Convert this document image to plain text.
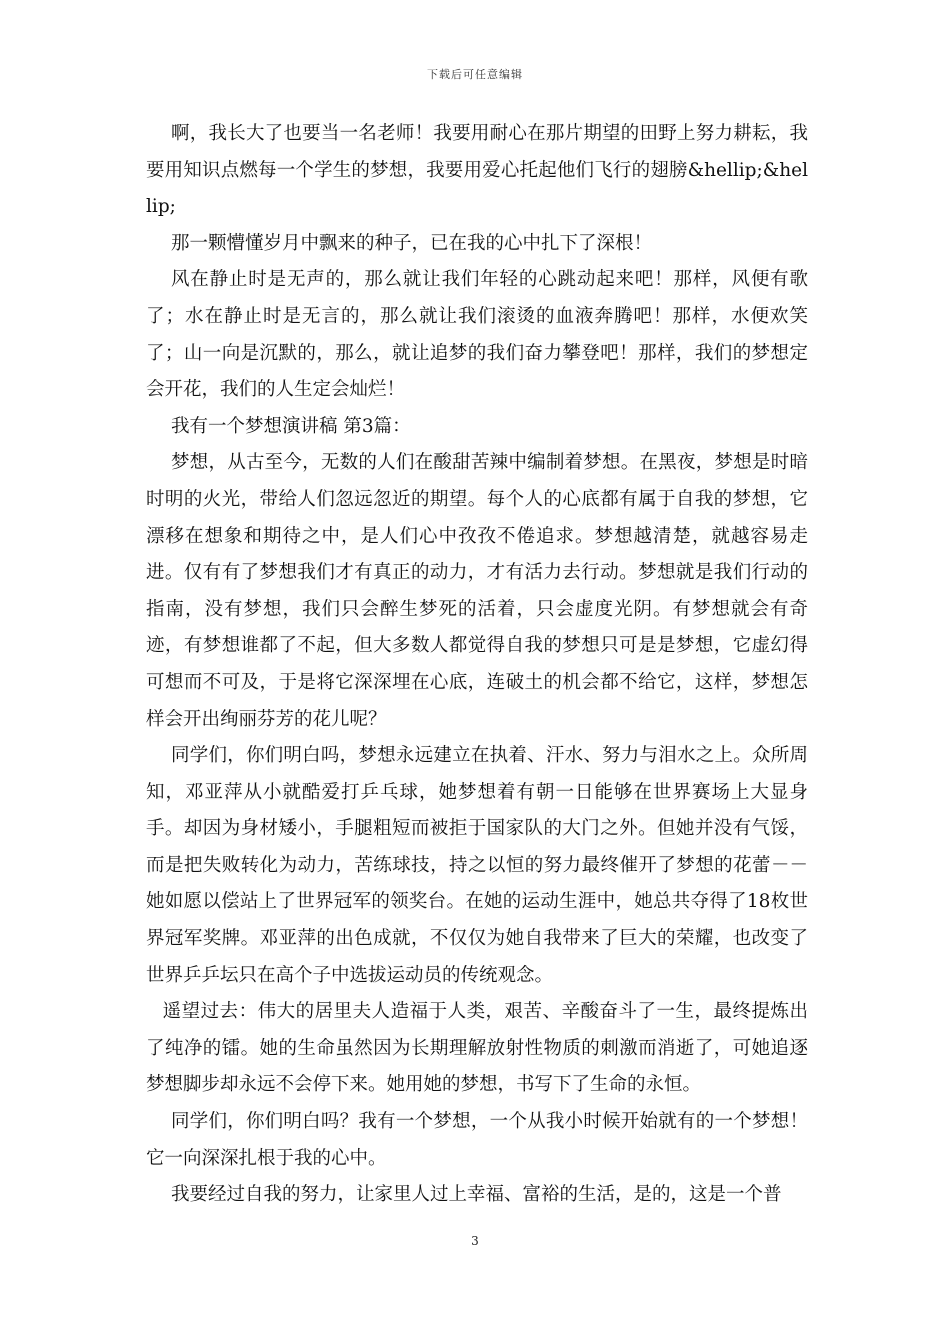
下载后可任意编辑

啊，我长大了也要当一名老师！我要用耐心在那片期望的田野上努力耕耘，我要用知识点燃每一个学生的梦想，我要用爱心托起他们飞行的翅膀&hellip;&hellip;

那一颗懵懂岁月中飘来的种子，已在我的心中扎下了深根！

风在静止时是无声的，那么就让我们年轻的心跳动起来吧！那样，风便有歌了；水在静止时是无言的，那么就让我们滚烫的血液奔腾吧！那样，水便欢笑了；山一向是沉默的，那么，就让追梦的我们奋力攀登吧！那样，我们的梦想定会开花，我们的人生定会灿烂！

我有一个梦想演讲稿 第3篇：

梦想，从古至今，无数的人们在酸甜苦辣中编制着梦想。在黑夜，梦想是时暗时明的火光，带给人们忽远忽近的期望。每个人的心底都有属于自我的梦想，它漂移在想象和期待之中，是人们心中孜孜不倦追求。梦想越清楚，就越容易走进。仅有有了梦想我们才有真正的动力，才有活力去行动。梦想就是我们行动的指南，没有梦想，我们只会醉生梦死的活着，只会虚度光阴。有梦想就会有奇迹，有梦想谁都了不起，但大多数人都觉得自我的梦想只可是是梦想，它虚幻得可想而不可及，于是将它深深埋在心底，连破土的机会都不给它，这样，梦想怎样会开出绚丽芬芳的花儿呢？

同学们，你们明白吗，梦想永远建立在执着、汗水、努力与泪水之上。众所周知，邓亚萍从小就酷爱打乒乓球，她梦想着有朝一日能够在世界赛场上大显身手。却因为身材矮小，手腿粗短而被拒于国家队的大门之外。但她并没有气馁，而是把失败转化为动力，苦练球技，持之以恒的努力最终催开了梦想的花蕾－－她如愿以偿站上了世界冠军的领奖台。在她的运动生涯中，她总共夺得了18枚世界冠军奖牌。邓亚萍的出色成就，不仅仅为她自我带来了巨大的荣耀，也改变了世界乒乒坛只在高个子中选拔运动员的传统观念。

遥望过去：伟大的居里夫人造福于人类，艰苦、辛酸奋斗了一生，最终提炼出了纯净的镭。她的生命虽然因为长期理解放射性物质的刺激而消逝了，可她追逐梦想脚步却永远不会停下来。她用她的梦想，书写下了生命的永恒。

同学们，你们明白吗？我有一个梦想，一个从我小时候开始就有的一个梦想！它一向深深扎根于我的心中。

我要经过自我的努力，让家里人过上幸福、富裕的生活，是的，这是一个普

3
